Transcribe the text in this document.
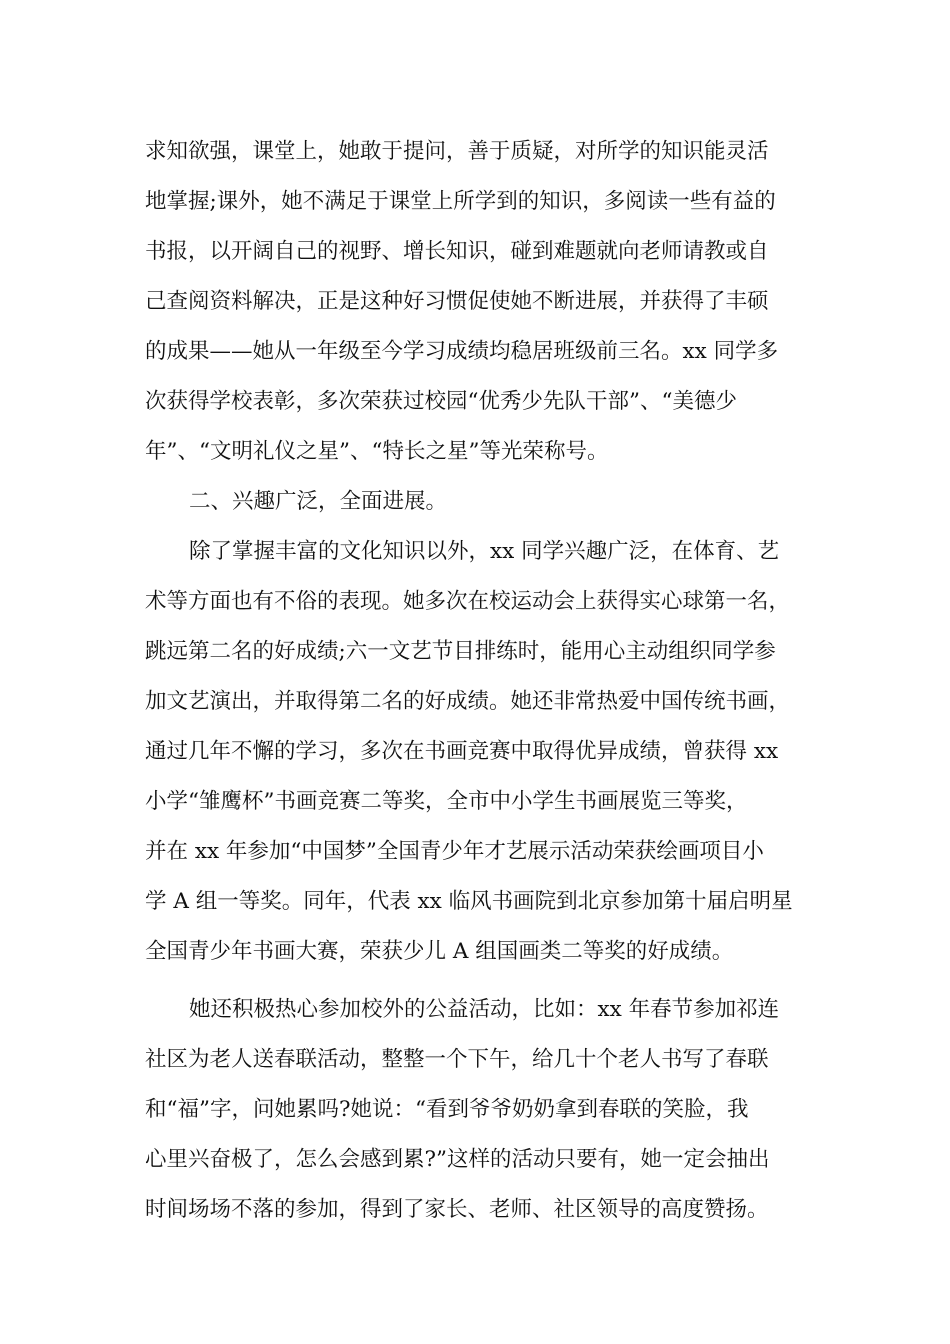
求知欲强，课堂上，她敢于提问，善于质疑，对所学的知识能灵活
地掌握;课外，她不满足于课堂上所学到的知识，多阅读一些有益的
书报，以开阔自己的视野、增长知识，碰到难题就向老师请教或自
己查阅资料解决，正是这种好习惯促使她不断进展，并获得了丰硕
的成果——她从一年级至今学习成绩均稳居班级前三名。xx 同学多
次获得学校表彰，多次荣获过校园“优秀少先队干部”、“美德少
年”、“文明礼仪之星”、“特长之星”等光荣称号。
二、兴趣广泛，全面进展。
除了掌握丰富的文化知识以外，xx 同学兴趣广泛，在体育、艺
术等方面也有不俗的表现。她多次在校运动会上获得实心球第一名，
跳远第二名的好成绩;六一文艺节目排练时，能用心主动组织同学参
加文艺演出，并取得第二名的好成绩。她还非常热爱中国传统书画，
通过几年不懈的学习，多次在书画竞赛中取得优异成绩，曾获得 xx
小学“雏鹰杯”书画竞赛二等奖，全市中小学生书画展览三等奖，
并在 xx 年参加“中国梦”全国青少年才艺展示活动荣获绘画项目小
学 A 组一等奖。同年，代表 xx 临风书画院到北京参加第十届启明星
全国青少年书画大赛，荣获少儿 A 组国画类二等奖的好成绩。
她还积极热心参加校外的公益活动，比如：xx 年春节参加祁连
社区为老人送春联活动，整整一个下午，给几十个老人书写了春联
和“福”字，问她累吗?她说：“看到爷爷奶奶拿到春联的笑脸，我
心里兴奋极了，怎么会感到累?”这样的活动只要有，她一定会抽出
时间场场不落的参加，得到了家长、老师、社区领导的高度赞扬。
